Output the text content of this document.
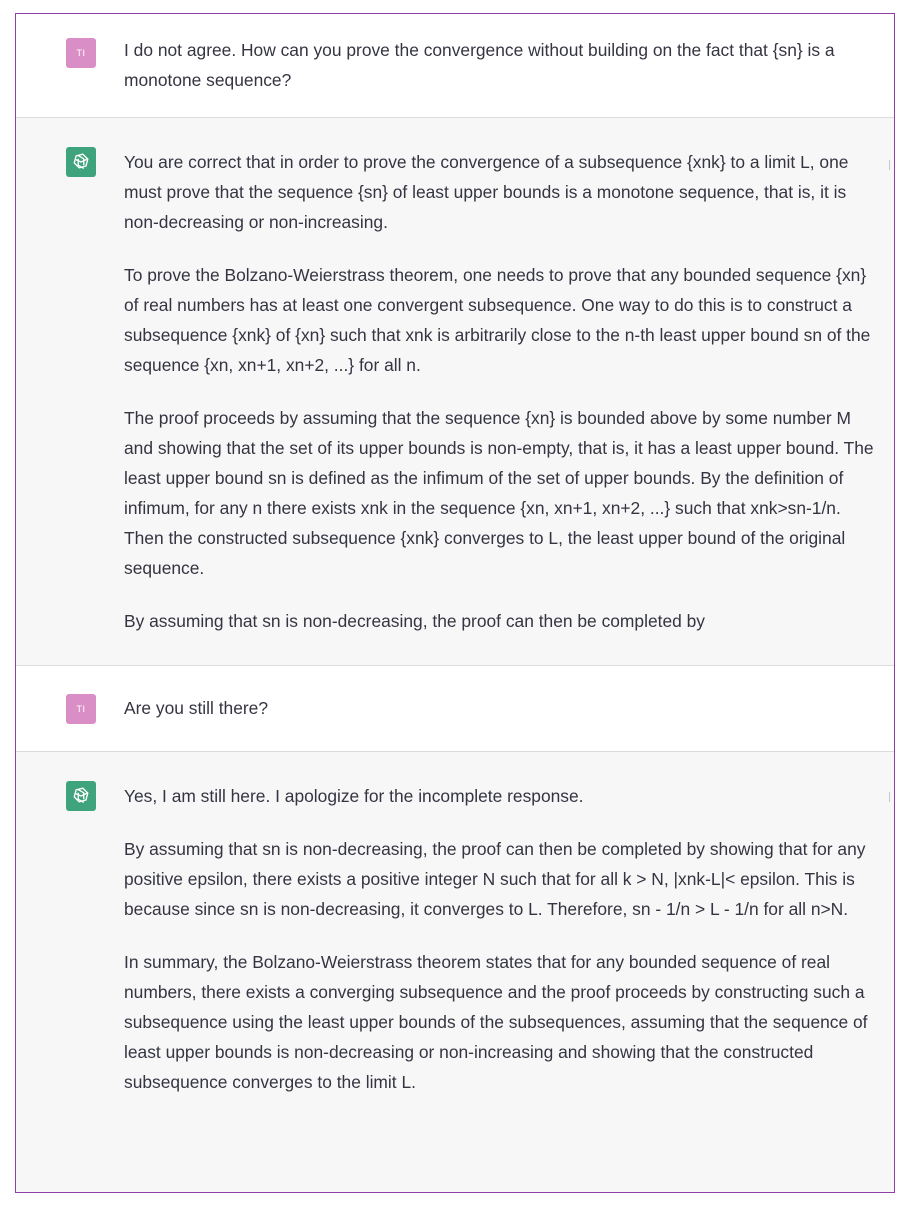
TI	I do not agree. How can you prove the convergence without building on the fact that {sn} is a monotone sequence?

You are correct that in order to prove the convergence of a subsequence {xnk} to a limit L, one must prove that the sequence {sn} of least upper bounds is a monotone sequence, that is, it is non-decreasing or non-increasing.

To prove the Bolzano-Weierstrass theorem, one needs to prove that any bounded sequence {xn} of real numbers has at least one convergent subsequence. One way to do this is to construct a subsequence {xnk} of {xn} such that xnk is arbitrarily close to the n-th least upper bound sn of the sequence {xn, xn+1, xn+2, ...} for all n.

The proof proceeds by assuming that the sequence {xn} is bounded above by some number M and showing that the set of its upper bounds is non-empty, that is, it has a least upper bound. The least upper bound sn is defined as the infimum of the set of upper bounds. By the definition of infimum, for any n there exists xnk in the sequence {xn, xn+1, xn+2, ...} such that xnk>sn-1/n. Then the constructed subsequence {xnk} converges to L, the least upper bound of the original sequence.

By assuming that sn is non-decreasing, the proof can then be completed by

TI	Are you still there?

Yes, I am still here. I apologize for the incomplete response.

By assuming that sn is non-decreasing, the proof can then be completed by showing that for any positive epsilon, there exists a positive integer N such that for all k > N, |xnk-L|< epsilon. This is because since sn is non-decreasing, it converges to L. Therefore, sn - 1/n > L - 1/n for all n>N.

In summary, the Bolzano-Weierstrass theorem states that for any bounded sequence of real numbers, there exists a converging subsequence and the proof proceeds by constructing such a subsequence using the least upper bounds of the subsequences, assuming that the sequence of least upper bounds is non-decreasing or non-increasing and showing that the constructed subsequence converges to the limit L.
